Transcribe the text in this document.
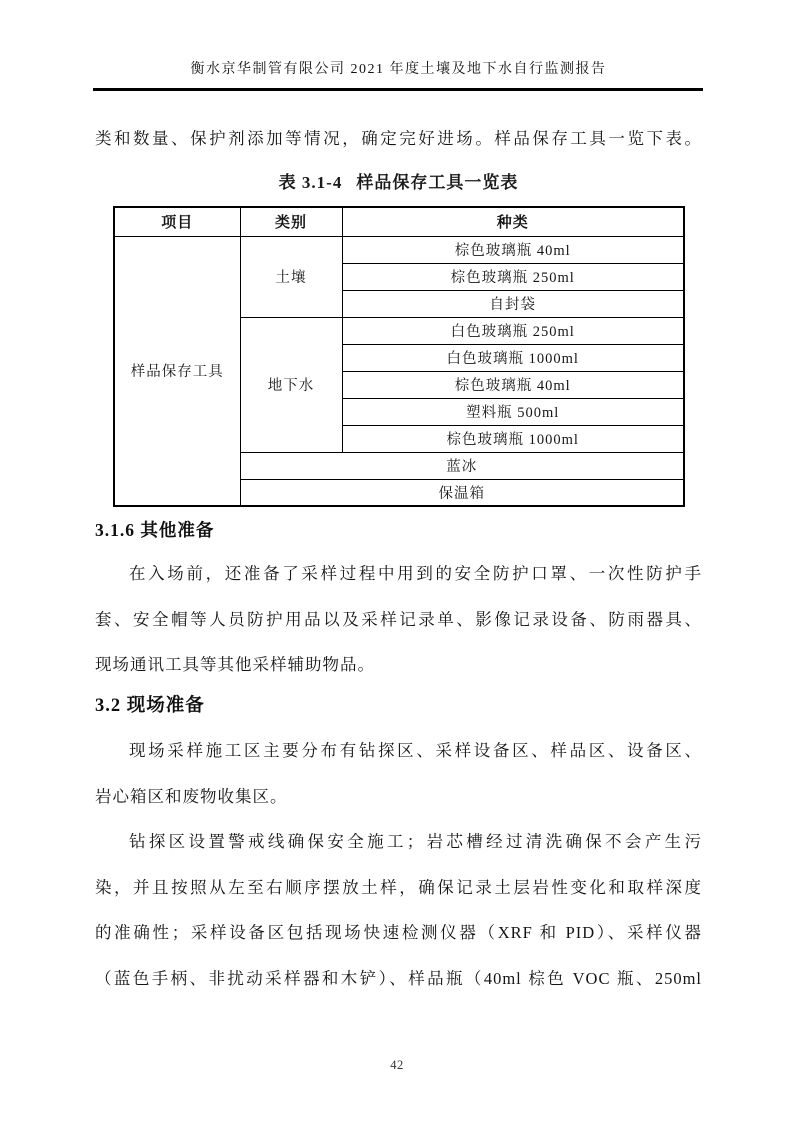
衡水京华制管有限公司 2021 年度土壤及地下水自行监测报告
类和数量、保护剂添加等情况，确定完好进场。样品保存工具一览下表。
表 3.1-4 样品保存工具一览表
项目	类别	种类
样品保存工具	土壤	棕色玻璃瓶 40ml
		棕色玻璃瓶 250ml
		自封袋
	地下水	白色玻璃瓶 250ml
		白色玻璃瓶 1000ml
		棕色玻璃瓶 40ml
		塑料瓶 500ml
		棕色玻璃瓶 1000ml
	蓝冰	
	保温箱	
3.1.6 其他准备
在入场前，还准备了采样过程中用到的安全防护口罩、一次性防护手
套、安全帽等人员防护用品以及采样记录单、影像记录设备、防雨器具、
现场通讯工具等其他采样辅助物品。
3.2 现场准备
现场采样施工区主要分布有钻探区、采样设备区、样品区、设备区、
岩心箱区和废物收集区。
钻探区设置警戒线确保安全施工；岩芯槽经过清洗确保不会产生污
染，并且按照从左至右顺序摆放土样，确保记录土层岩性变化和取样深度
的准确性；采样设备区包括现场快速检测仪器（XRF 和 PID）、采样仪器
（蓝色手柄、非扰动采样器和木铲）、样品瓶（40ml 棕色 VOC 瓶、250ml
42
